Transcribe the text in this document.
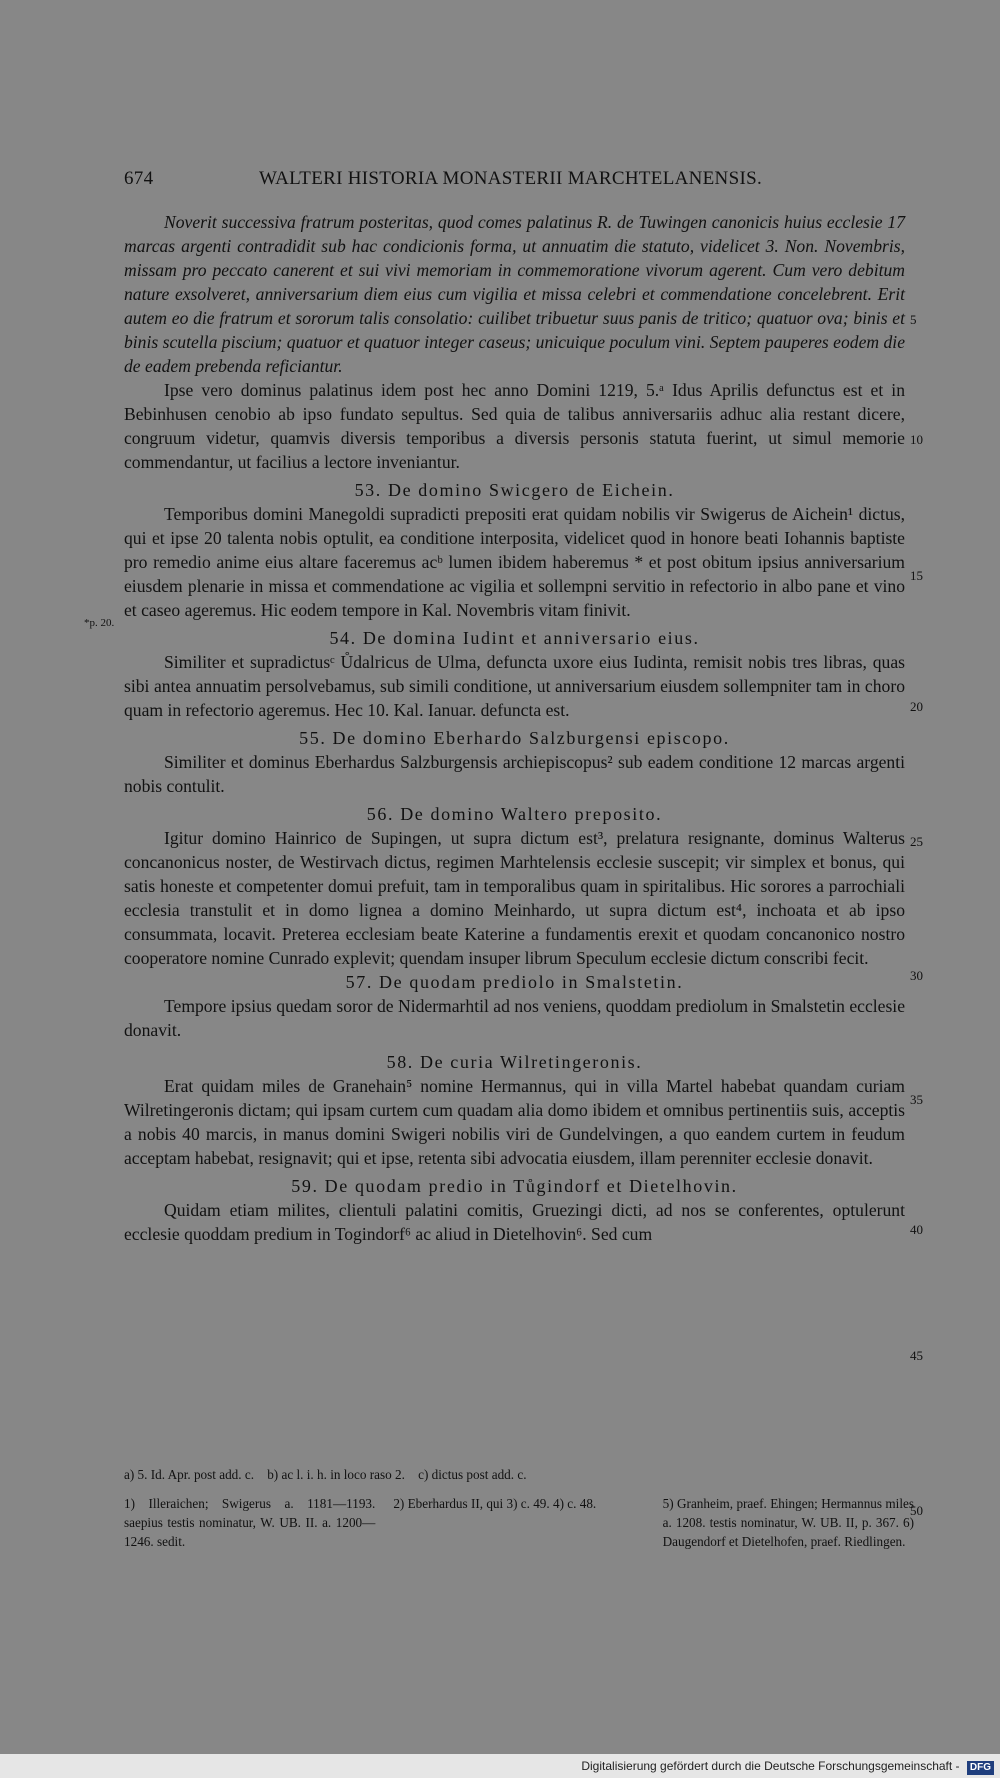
674	WALTERI HISTORIA MONASTERII MARCHTELANENSIS.

Noverit successiva fratrum posteritas, quod comes palatinus R. de Tuwingen canonicis huius ecclesie 17 marcas argenti contradidit sub hac condicionis forma, ut annuatim die statuto, videlicet 3. Non. Novembris, missam pro peccato canerent et sui vivi memoriam in commemoratione vivorum agerent. Cum vero debitum nature exsolveret, anniversarium diem eius cum vigilia et missa celebri et commendatione concelebrent. Erit autem eo die fratrum et sororum talis consolatio: cuilibet tribuetur suus panis de tritico; quatuor ova; binis et binis scutella piscium; quatuor et quatuor integer caseus; unicuique poculum vini. Septem pauperes eodem die de eadem prebenda reficiantur.

Ipse vero dominus palatinus idem post hec anno Domini 1219, 5.ᵃ Idus Aprilis defunctus est et in Bebinhusen cenobio ab ipso fundato sepultus. Sed quia de talibus anniversariis adhuc alia restant dicere, congruum videtur, quamvis diversis temporibus a diversis personis statuta fuerint, ut simul memorie commendantur, ut facilius a lectore inveniantur.

53. De domino Swicgero de Eichein.

Temporibus domini Manegoldi supradicti prepositi erat quidam nobilis vir Swigerus de Aichein¹ dictus, qui et ipse 20 talenta nobis optulit, ea conditione interposita, videlicet quod in honore beati Iohannis baptiste pro remedio anime eius altare faceremus acᵇ lumen ibidem haberemus * et post obitum ipsius anniversarium eiusdem plenarie in missa et commendatione ac vigilia et sollempni servitio in refectorio in albo pane et vino et caseo ageremus. Hic eodem tempore in Kal. Novembris vitam finivit.

54. De domina Iudint et anniversario eius.

Similiter et supradictusᶜ Ůdalricus de Ulma, defuncta uxore eius Iudinta, remisit nobis tres libras, quas sibi antea annuatim persolvebamus, sub simili conditione, ut anniversarium eiusdem sollempniter tam in choro quam in refectorio ageremus. Hec 10. Kal. Ianuar. defuncta est.

55. De domino Eberhardo Salzburgensi episcopo.

Similiter et dominus Eberhardus Salzburgensis archiepiscopus² sub eadem conditione 12 marcas argenti nobis contulit.

56. De domino Waltero preposito.

Igitur domino Hainrico de Supingen, ut supra dictum est³, prelatura resignante, dominus Walterus concanonicus noster, de Westirvach dictus, regimen Marhtelensis ecclesie suscepit; vir simplex et bonus, qui satis honeste et competenter domui prefuit, tam in temporalibus quam in spiritalibus. Hic sorores a parrochiali ecclesia transtulit et in domo lignea a domino Meinhardo, ut supra dictum est⁴, inchoata et ab ipso consummata, locavit. Preterea ecclesiam beate Katerine a fundamentis erexit et quodam concanonico nostro cooperatore nomine Cunrado explevit; quendam insuper librum Speculum ecclesie dictum conscribi fecit.

57. De quodam prediolo in Smalstetin.

Tempore ipsius quedam soror de Nidermarhtil ad nos veniens, quoddam prediolum in Smalstetin ecclesie donavit.

58. De curia Wilretingeronis.

Erat quidam miles de Granehain⁵ nomine Hermannus, qui in villa Martel habebat quandam curiam Wilretingeronis dictam; qui ipsam curtem cum quadam alia domo ibidem et omnibus pertinentiis suis, acceptis a nobis 40 marcis, in manus domini Swigeri nobilis viri de Gundelvingen, a quo eandem curtem in feudum acceptam habebat, resignavit; qui et ipse, retenta sibi advocatia eiusdem, illam perenniter ecclesie donavit.

59. De quodam predio in Tůgindorf et Dietelhovin.

Quidam etiam milites, clientuli palatini comitis, Gruezingi dicti, ad nos se conferentes, optulerunt ecclesie quoddam predium in Togindorf⁶ ac aliud in Dietelhovin⁶. Sed cum

5
10
15
20
25
30
35
40
45
50
*p. 20.
a) 5. Id. Apr. post add. c.    b) ac l. i. h. in loco raso 2.    c) dictus post add. c.
1) Illeraichen; Swigerus a. 1181—1193. saepius testis nominatur, W. UB. II. a. 1200—1246. sedit.
2) Eberhardus II, qui 3) c. 49. 4) c. 48.	5) Granheim, praef. Ehingen; Hermannus miles a. 1208. testis nominatur, W. UB. II, p. 367. 6) Daugendorf et Dietelhofen, praef. Riedlingen.
Digitalisierung gefördert durch die Deutsche Forschungsgemeinschaft - DFG
